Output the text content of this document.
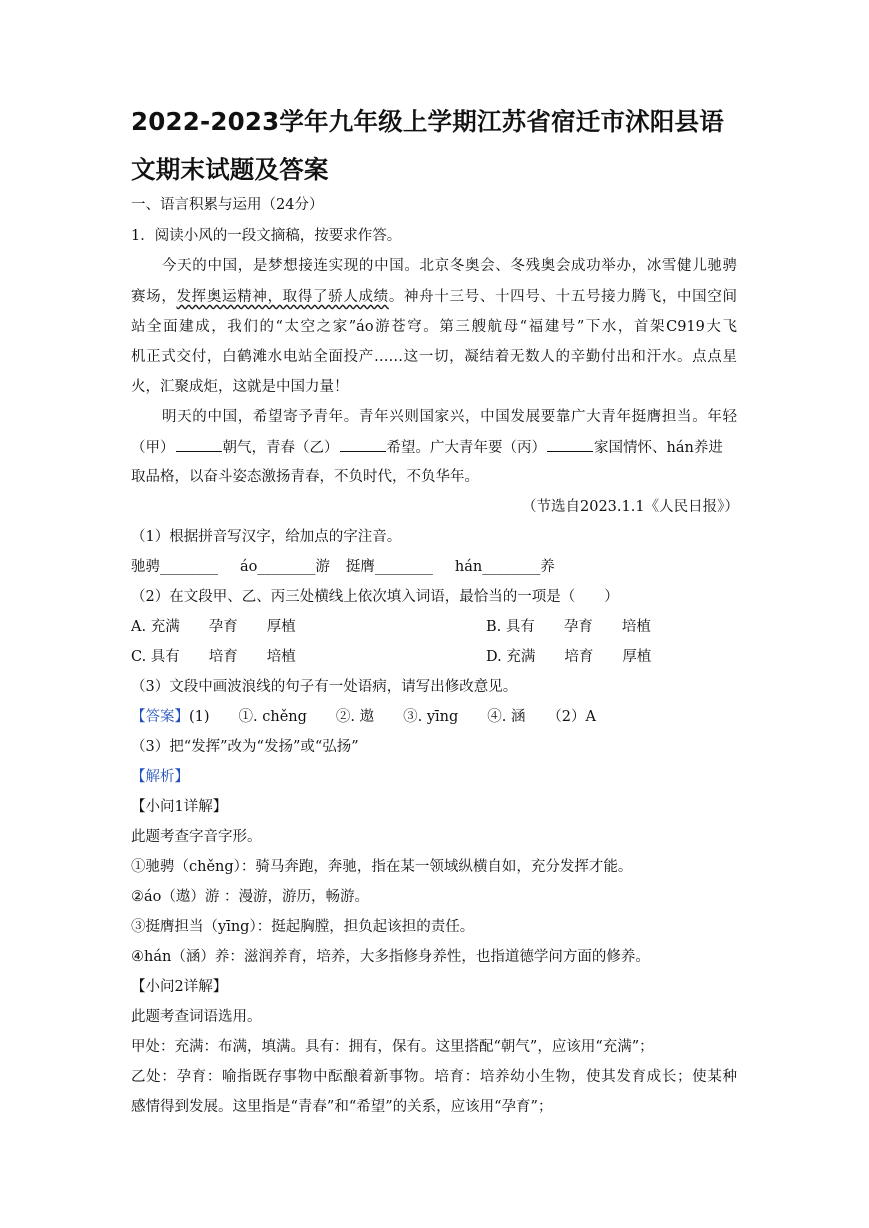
2022-2023学年九年级上学期江苏省宿迁市沭阳县语文期末试题及答案
一、语言积累与运用（24分）
1．阅读小风的一段文摘稿，按要求作答。
今天的中国，是梦想接连实现的中国。北京冬奥会、冬残奥会成功举办，冰雪健儿驰骋
赛场，发挥奥运精神，取得了骄人成绩。神舟十三号、十四号、十五号接力腾飞，中国空间
站全面建成，我们的“太空之家”áo游苍穹。第三艘航母“福建号”下水，首架C919大飞
机正式交付，白鹤滩水电站全面投产……这一切，凝结着无数人的辛勤付出和汗水。点点星
火，汇聚成炬，这就是中国力量！
明天的中国，希望寄予青年。青年兴则国家兴，中国发展要靠广大青年挺膺担当。年轻
（甲）	朝气，青春（乙）	希望。广大青年要（丙）	家国情怀、hán养进
取品格，以奋斗姿态激扬青春，不负时代，不负华年。
（节选自2023.1.1《人民日报》）
（1）根据拼音写汉字，给加点的字注音。
驰骋________ áo________游 挺膺________ hán________养
（2）在文段甲、乙、丙三处横线上依次填入词语，最恰当的一项是（　　）
A. 充满　　孕育　　厚植	B. 具有　　孕育　　培植
C. 具有　　培育　　培植	D. 充满　　培育　　厚植
（3）文段中画波浪线的句子有一处语病，请写出修改意见。
【答案】(1)　　①. chěng　　②. 遨　　③. yīng　　④. 涵　　（2）A
（3）把“发挥”改为“发扬”或“弘扬”
【解析】
【小问1详解】
此题考查字音字形。
①驰骋（chěng）：骑马奔跑，奔驰，指在某一领域纵横自如，充分发挥才能。
②áo（遨）游 ：漫游，游历，畅游。
③挺膺担当（yīng）：挺起胸膛，担负起该担的责任。
④hán（涵）养：滋润养育，培养，大多指修身养性，也指道德学问方面的修养。
【小问2详解】
此题考查词语选用。
甲处：充满：布满，填满。具有：拥有，保有。这里搭配“朝气”，应该用“充满”；
乙处：孕育：喻指既存事物中酝酿着新事物。培育：培养幼小生物，使其发育成长；使某种
感情得到发展。这里指是“青春”和“希望”的关系，应该用“孕育”；
